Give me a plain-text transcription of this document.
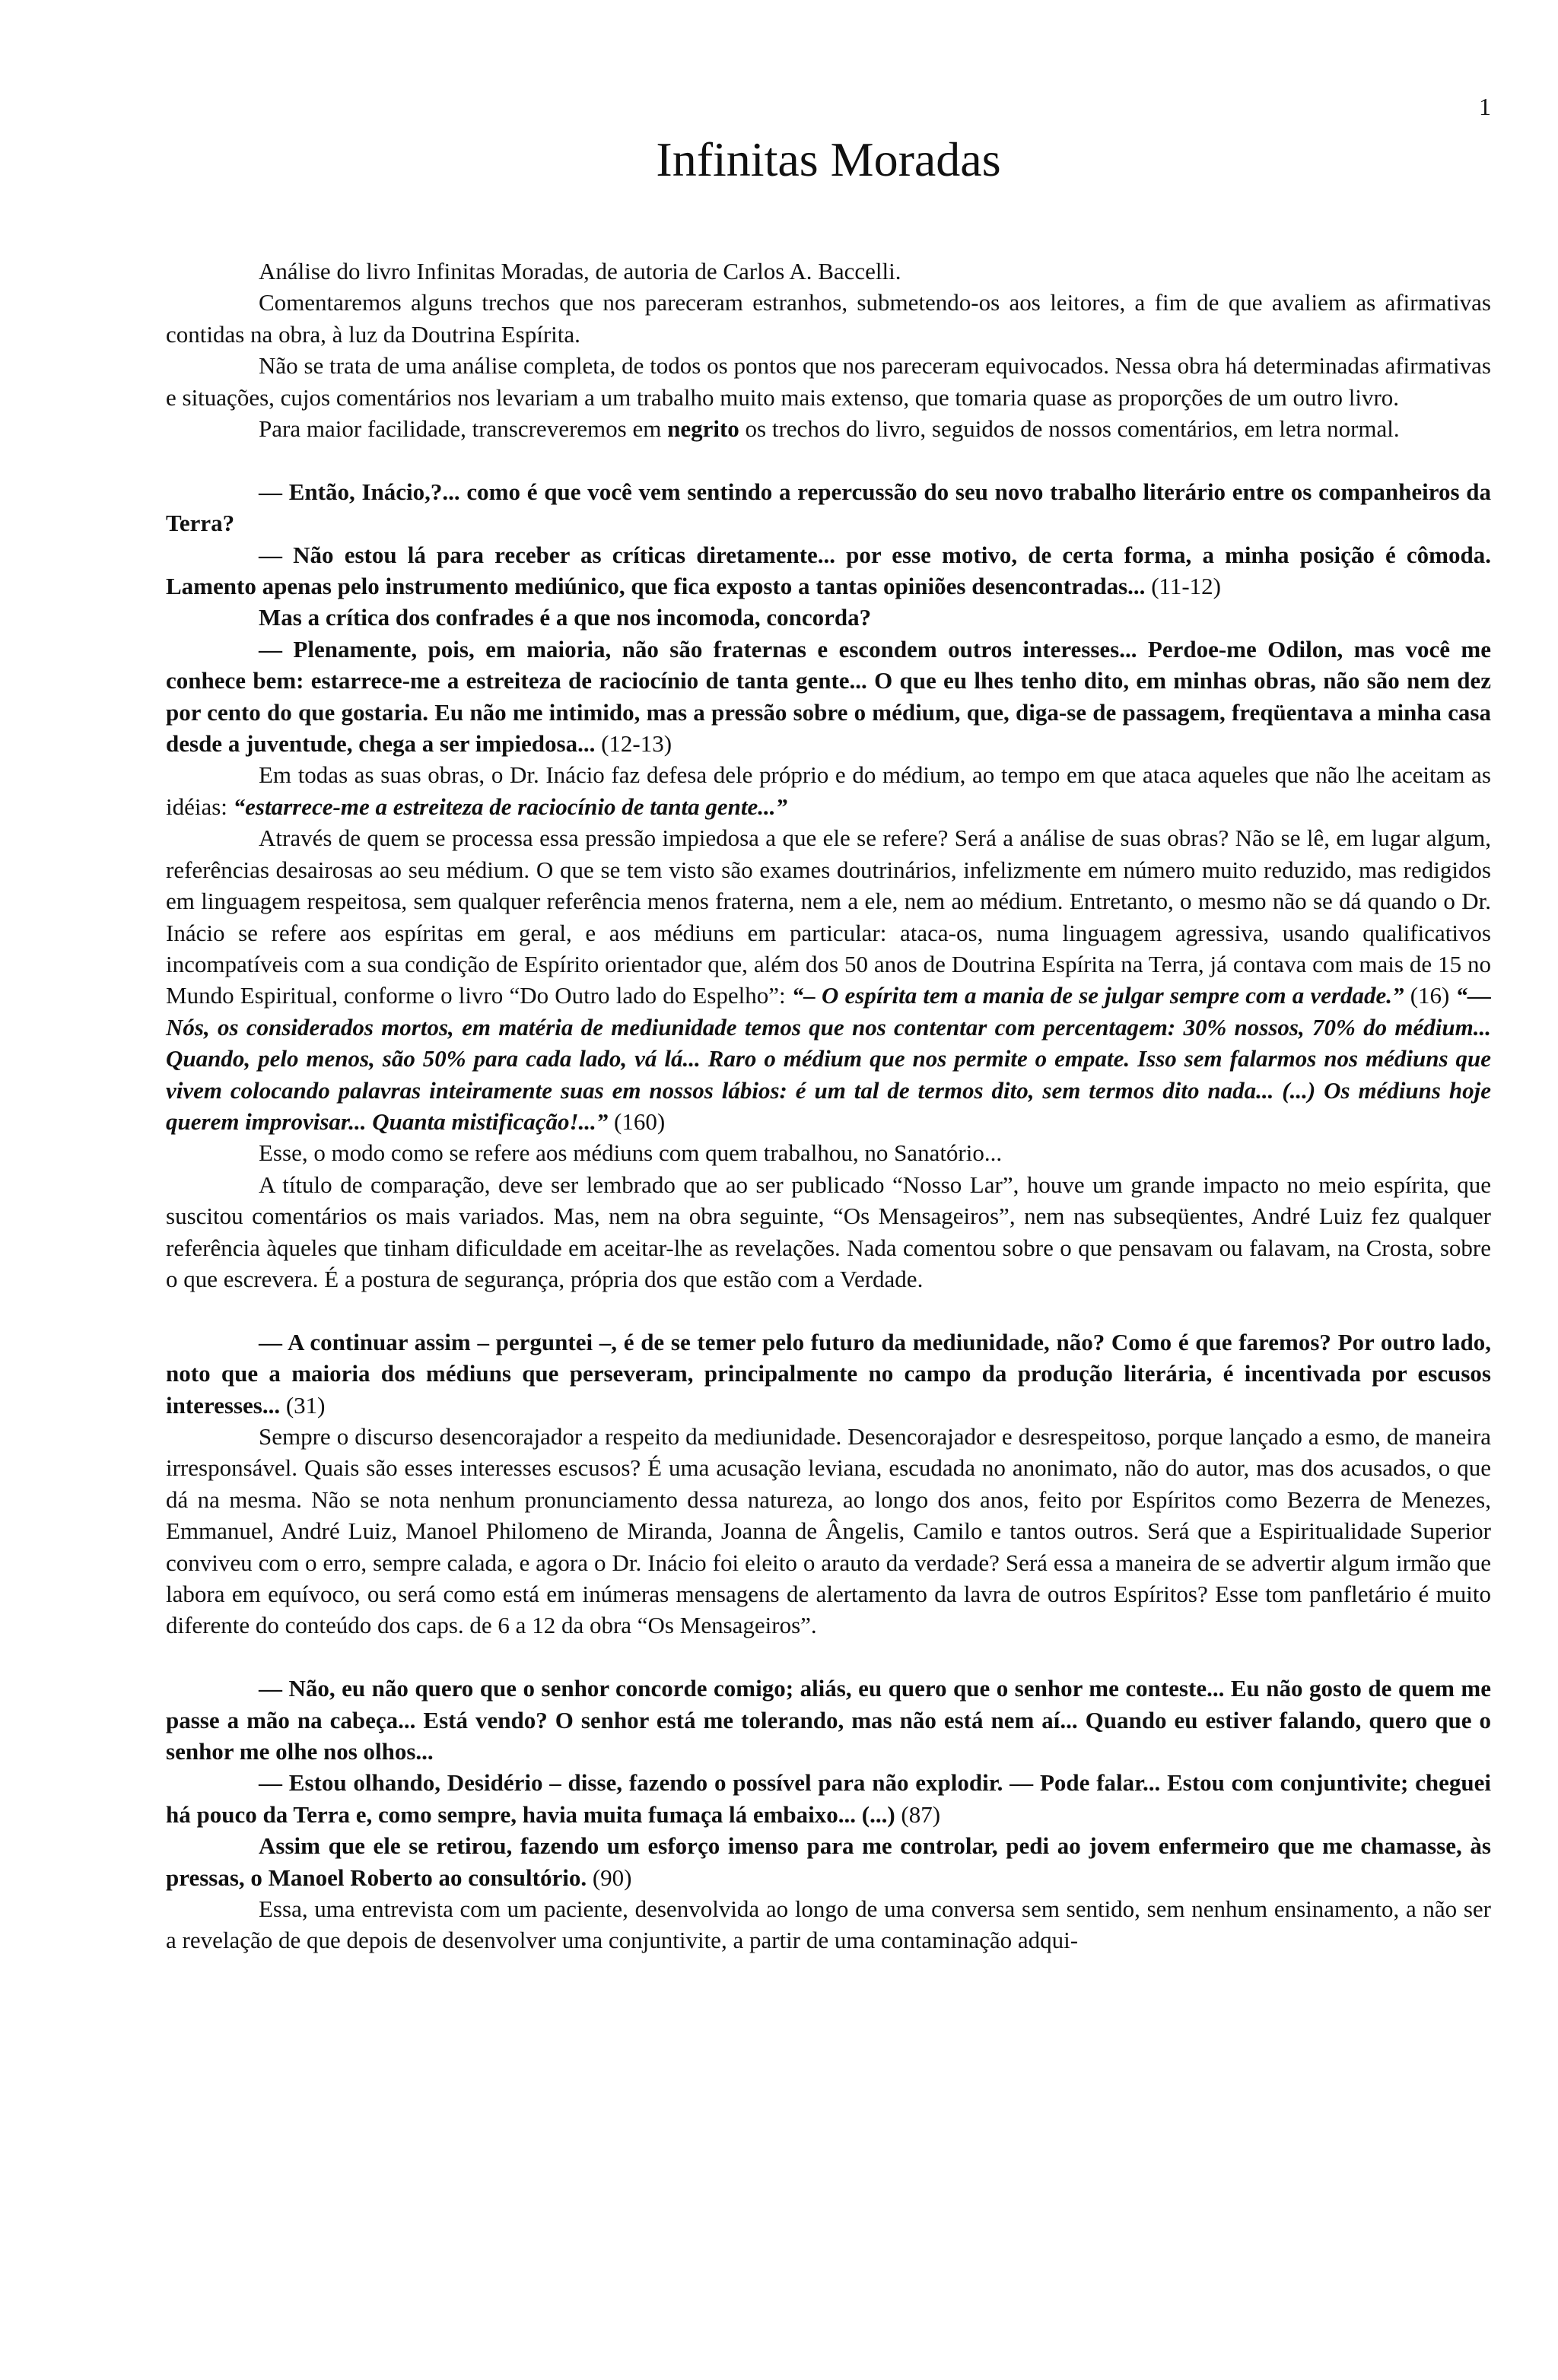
1
Infinitas Moradas

Análise do livro Infinitas Moradas, de autoria de Carlos A. Baccelli.

Comentaremos alguns trechos que nos pareceram estranhos, submetendo-os aos leitores, a fim de que avaliem as afirmativas contidas na obra, à luz da Doutrina Espírita.

Não se trata de uma análise completa, de todos os pontos que nos pareceram equivocados. Nessa obra há determinadas afirmativas e situações, cujos comentários nos levariam a um trabalho muito mais extenso, que tomaria quase as proporções de um outro livro.

Para maior facilidade, transcreveremos em negrito os trechos do livro, seguidos de nossos comentários, em letra normal.

— Então, Inácio,?... como é que você vem sentindo a repercussão do seu novo trabalho literário entre os companheiros da Terra?

— Não estou lá para receber as críticas diretamente... por esse motivo, de certa forma, a minha posição é cômoda. Lamento apenas pelo instrumento mediúnico, que fica exposto a tantas opiniões desencontradas... (11-12)

Mas a crítica dos confrades é a que nos incomoda, concorda?

— Plenamente, pois, em maioria, não são fraternas e escondem outros interesses... Perdoe-me Odilon, mas você me conhece bem: estarrece-me a estreiteza de raciocínio de tanta gente... O que eu lhes tenho dito, em minhas obras, não são nem dez por cento do que gostaria. Eu não me intimido, mas a pressão sobre o médium, que, diga-se de passagem, freqüentava a minha casa desde a juventude, chega a ser impiedosa... (12-13)

Em todas as suas obras, o Dr. Inácio faz defesa dele próprio e do médium, ao tempo em que ataca aqueles que não lhe aceitam as idéias: “estarrece-me a estreiteza de raciocínio de tanta gente...”

Através de quem se processa essa pressão impiedosa a que ele se refere? Será a análise de suas obras? Não se lê, em lugar algum, referências desairosas ao seu médium. O que se tem visto são exames doutrinários, infelizmente em número muito reduzido, mas redigidos em linguagem respeitosa, sem qualquer referência menos fraterna, nem a ele, nem ao médium. Entretanto, o mesmo não se dá quando o Dr. Inácio se refere aos espíritas em geral, e aos médiuns em particular: ataca-os, numa linguagem agressiva, usando qualificativos incompatíveis com a sua condição de Espírito orientador que, além dos 50 anos de Doutrina Espírita na Terra, já contava com mais de 15 no Mundo Espiritual, conforme o livro “Do Outro lado do Espelho”: “– O espírita tem a mania de se julgar sempre com a verdade.” (16) “— Nós, os considerados mortos, em matéria de mediunidade temos que nos contentar com percentagem: 30% nossos, 70% do médium... Quando, pelo menos, são 50% para cada lado, vá lá... Raro o médium que nos permite o empate. Isso sem falarmos nos médiuns que vivem colocando palavras inteiramente suas em nossos lábios: é um tal de termos dito, sem termos dito nada... (...) Os médiuns hoje querem improvisar... Quanta mistificação!...” (160)

Esse, o modo como se refere aos médiuns com quem trabalhou, no Sanatório...

A título de comparação, deve ser lembrado que ao ser publicado “Nosso Lar”, houve um grande impacto no meio espírita, que suscitou comentários os mais variados. Mas, nem na obra seguinte, “Os Mensageiros”, nem nas subseqüentes, André Luiz fez qualquer referência àqueles que tinham dificuldade em aceitar-lhe as revelações. Nada comentou sobre o que pensavam ou falavam, na Crosta, sobre o que escrevera. É a postura de segurança, própria dos que estão com a Verdade.

— A continuar assim – perguntei –, é de se temer pelo futuro da mediunidade, não? Como é que faremos? Por outro lado, noto que a maioria dos médiuns que perseveram, principalmente no campo da produção literária, é incentivada por escusos interesses... (31)

Sempre o discurso desencorajador a respeito da mediunidade. Desencorajador e desrespeitoso, porque lançado a esmo, de maneira irresponsável. Quais são esses interesses escusos? É uma acusação leviana, escudada no anonimato, não do autor, mas dos acusados, o que dá na mesma. Não se nota nenhum pronunciamento dessa natureza, ao longo dos anos, feito por Espíritos como Bezerra de Menezes, Emmanuel, André Luiz, Manoel Philomeno de Miranda, Joanna de Ângelis, Camilo e tantos outros. Será que a Espiritualidade Superior conviveu com o erro, sempre calada, e agora o Dr. Inácio foi eleito o arauto da verdade? Será essa a maneira de se advertir algum irmão que labora em equívoco, ou será como está em inúmeras mensagens de alertamento da lavra de outros Espíritos? Esse tom panfletário é muito diferente do conteúdo dos caps. de 6 a 12 da obra “Os Mensageiros”.

— Não, eu não quero que o senhor concorde comigo; aliás, eu quero que o senhor me conteste... Eu não gosto de quem me passe a mão na cabeça... Está vendo? O senhor está me tolerando, mas não está nem aí... Quando eu estiver falando, quero que o senhor me olhe nos olhos...

— Estou olhando, Desidério – disse, fazendo o possível para não explodir. — Pode falar... Estou com conjuntivite; cheguei há pouco da Terra e, como sempre, havia muita fumaça lá embaixo... (...) (87)

Assim que ele se retirou, fazendo um esforço imenso para me controlar, pedi ao jovem enfermeiro que me chamasse, às pressas, o Manoel Roberto ao consultório. (90)

Essa, uma entrevista com um paciente, desenvolvida ao longo de uma conversa sem sentido, sem nenhum ensinamento, a não ser a revelação de que depois de desenvolver uma conjuntivite, a partir de uma contaminação adqui-
